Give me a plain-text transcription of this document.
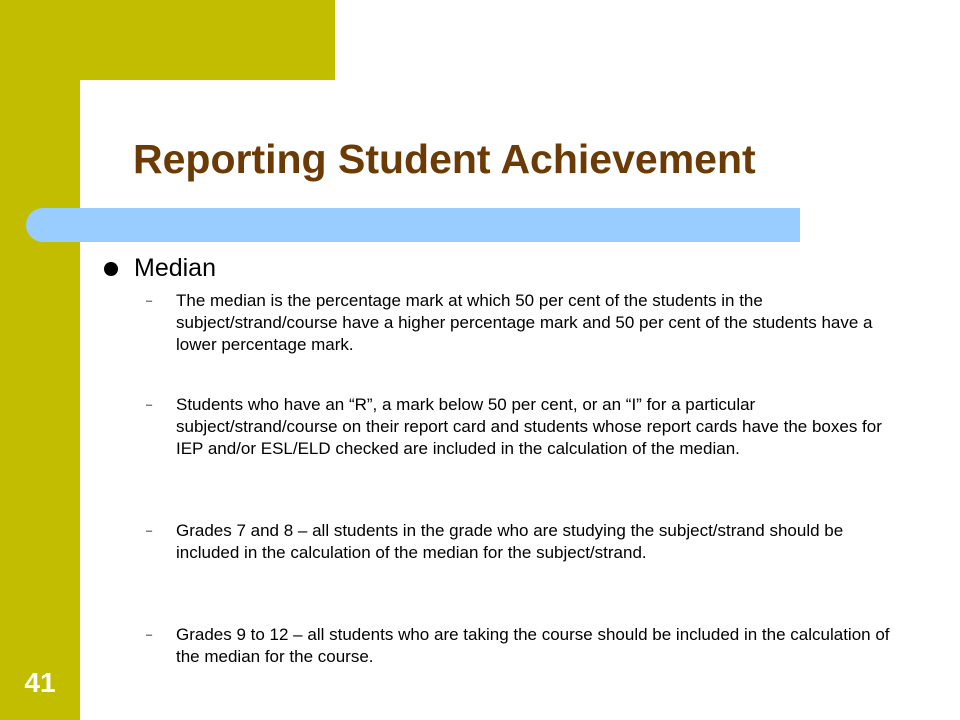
Reporting Student Achievement
Median
–	The median is the percentage mark at which 50 per cent of the students in the subject/strand/course have a higher percentage mark and 50 per cent of the students have a lower percentage mark.
–	Students who have an “R”, a mark below 50 per cent, or an “I” for a particular subject/strand/course on their report card and students whose report cards have the boxes for IEP and/or ESL/ELD checked are included in the calculation of the median.
–	Grades 7 and 8 – all students in the grade who are studying the subject/strand should be included in the calculation of the median for the subject/strand.
–	Grades 9 to 12 – all students who are taking the course should be included in the calculation of the median for the course.
41
